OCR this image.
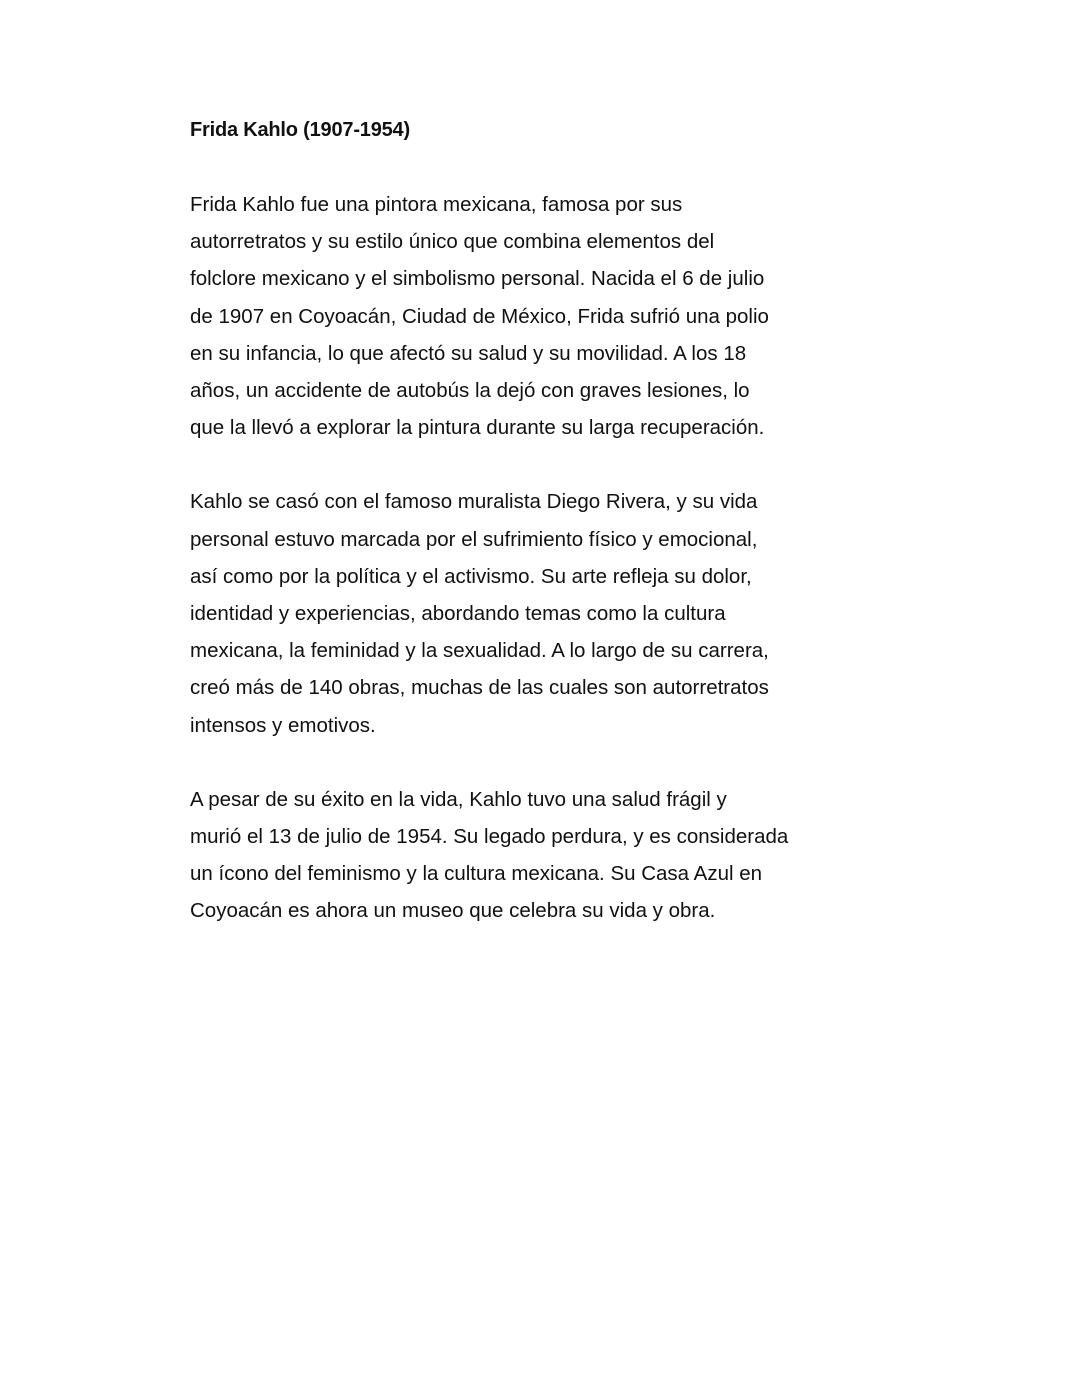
Frida Kahlo (1907-1954)

Frida Kahlo fue una pintora mexicana, famosa por sus
autorretratos y su estilo único que combina elementos del
folclore mexicano y el simbolismo personal. Nacida el 6 de julio
de 1907 en Coyoacán, Ciudad de México, Frida sufrió una polio
en su infancia, lo que afectó su salud y su movilidad. A los 18
años, un accidente de autobús la dejó con graves lesiones, lo
que la llevó a explorar la pintura durante su larga recuperación.

Kahlo se casó con el famoso muralista Diego Rivera, y su vida
personal estuvo marcada por el sufrimiento físico y emocional,
así como por la política y el activismo. Su arte refleja su dolor,
identidad y experiencias, abordando temas como la cultura
mexicana, la feminidad y la sexualidad. A lo largo de su carrera,
creó más de 140 obras, muchas de las cuales son autorretratos
intensos y emotivos.

A pesar de su éxito en la vida, Kahlo tuvo una salud frágil y
murió el 13 de julio de 1954. Su legado perdura, y es considerada
un ícono del feminismo y la cultura mexicana. Su Casa Azul en
Coyoacán es ahora un museo que celebra su vida y obra.
